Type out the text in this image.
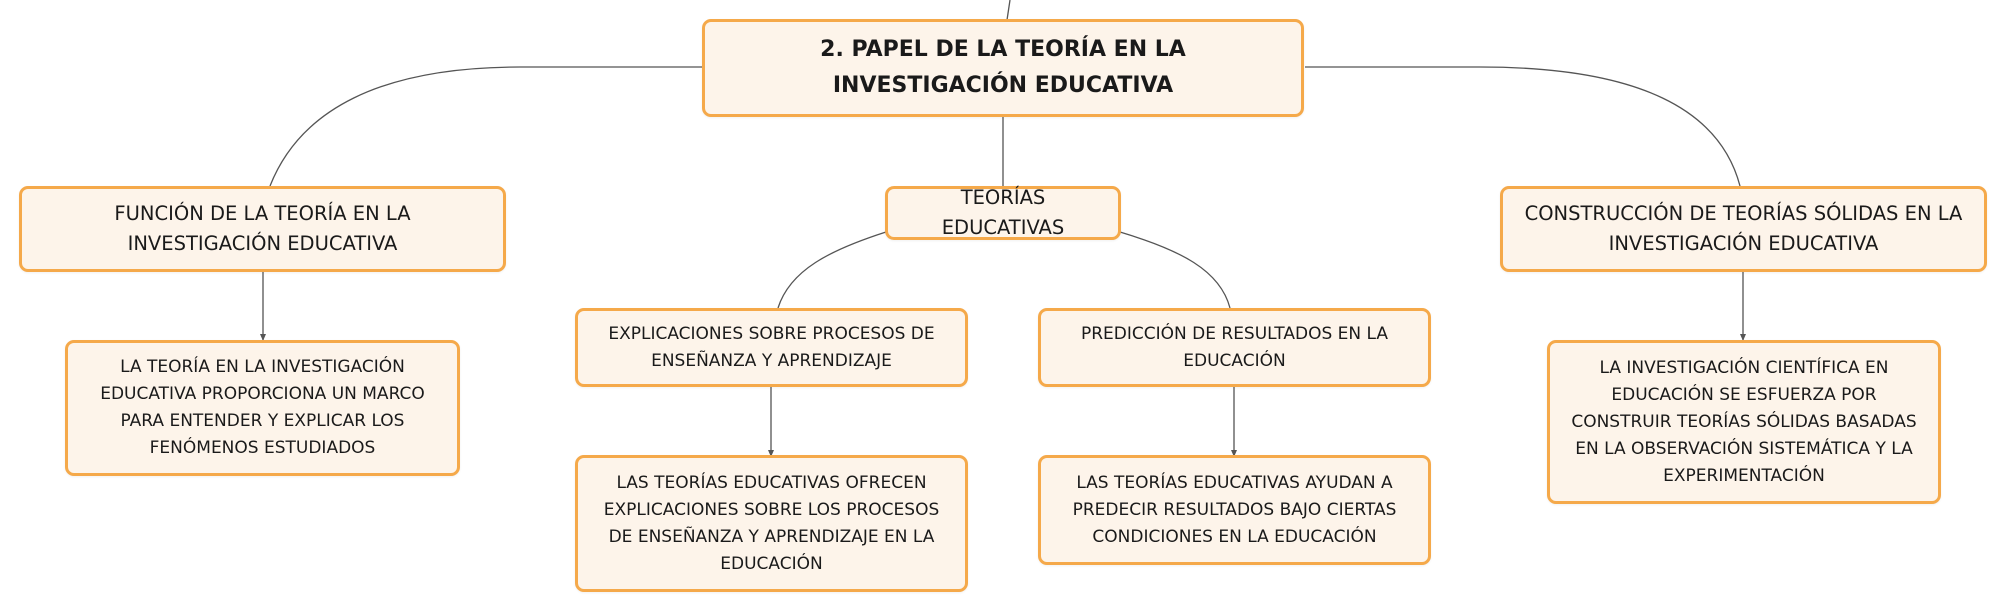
2. PAPEL DE LA TEORÍA EN LA INVESTIGACIÓN EDUCATIVA
FUNCIÓN DE LA TEORÍA EN LA INVESTIGACIÓN EDUCATIVA
TEORÍAS EDUCATIVAS
CONSTRUCCIÓN DE TEORÍAS SÓLIDAS EN LA INVESTIGACIÓN EDUCATIVA
LA TEORÍA EN LA INVESTIGACIÓN EDUCATIVA PROPORCIONA UN MARCO PARA ENTENDER Y EXPLICAR LOS FENÓMENOS ESTUDIADOS
EXPLICACIONES SOBRE PROCESOS DE ENSEÑANZA Y APRENDIZAJE
PREDICCIÓN DE RESULTADOS EN LA EDUCACIÓN
LAS TEORÍAS EDUCATIVAS OFRECEN EXPLICACIONES SOBRE LOS PROCESOS DE ENSEÑANZA Y APRENDIZAJE EN LA EDUCACIÓN
LAS TEORÍAS EDUCATIVAS AYUDAN A PREDECIR RESULTADOS BAJO CIERTAS CONDICIONES EN LA EDUCACIÓN
LA INVESTIGACIÓN CIENTÍFICA EN EDUCACIÓN SE ESFUERZA POR CONSTRUIR TEORÍAS SÓLIDAS BASADAS EN LA OBSERVACIÓN SISTEMÁTICA Y LA EXPERIMENTACIÓN
